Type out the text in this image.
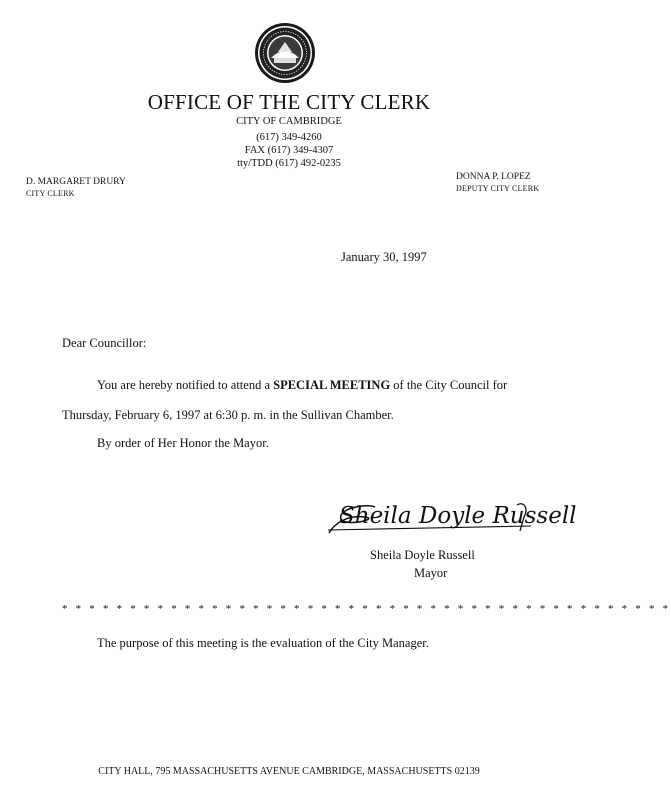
OFFICE OF THE CITY CLERK
CITY OF CAMBRIDGE
(617) 349-4260
FAX (617) 349-4307
tty/TDD (617) 492-0235
D. MARGARET DRURY
CITY CLERK
DONNA P. LOPEZ
DEPUTY CITY CLERK
January 30, 1997
Dear Councillor:
You are hereby notified to attend a SPECIAL MEETING of the City Council for
Thursday, February 6, 1997 at 6:30 p. m. in the Sullivan Chamber.
By order of Her Honor the Mayor.
Sheila Doyle Russell
Sheila Doyle Russell
Mayor
* * * * * * * * * * * * * * * * * * * * * * * * * * * * * * * * * * * * * * * * * * * * *
The purpose of this meeting is the evaluation of the City Manager.
CITY HALL, 795 MASSACHUSETTS AVENUE CAMBRIDGE, MASSACHUSETTS 02139
